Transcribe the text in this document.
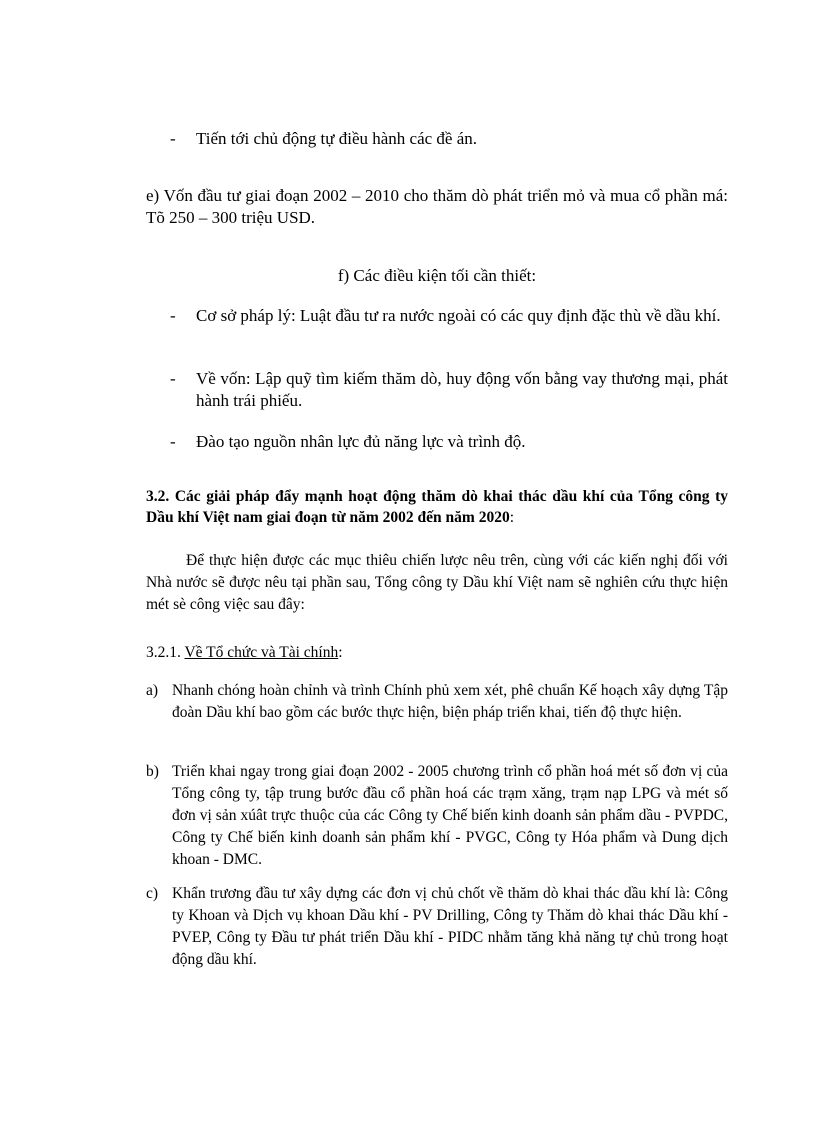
-	Tiến tới chủ động tự điều hành các đề án.
e) Vốn đầu tư giai đoạn 2002 – 2010 cho thăm dò phát triển mỏ và mua cổ phần má: Tõ 250 – 300 triệu USD.
f) Các điều kiện tối cần thiết:
-	Cơ sở pháp lý: Luật đầu tư ra nước ngoài có các quy định đặc thù về dầu khí.
-	Về vốn: Lập quỹ tìm kiếm thăm dò, huy động vốn bằng vay thương mại, phát hành trái phiếu.
-	Đào tạo nguồn nhân lực đủ năng lực và trình độ.
3.2. Các giải pháp đẩy mạnh hoạt động thăm dò khai thác dầu khí của Tổng công ty Dầu khí Việt nam giai đoạn từ năm 2002 đến năm 2020:
Để thực hiện được các mục thiêu chiến lược nêu trên, cùng với các kiến nghị đối với Nhà nước sẽ được nêu tại phần sau, Tổng công ty Dầu khí Việt nam sẽ nghiên cứu thực hiện mét sè công việc sau đây:
3.2.1. Về Tổ chức và Tài chính:
a) Nhanh chóng hoàn chỉnh và trình Chính phủ xem xét, phê chuẩn Kế hoạch xây dựng Tập đoàn Dầu khí bao gồm các bước thực hiện, biện pháp triển khai, tiến độ thực hiện.
b) Triển khai ngay trong giai đoạn 2002 - 2005 chương trình cổ phần hoá mét số đơn vị của Tổng công ty, tập trung bước đầu cổ phần hoá các trạm xăng, trạm nạp LPG và mét số đơn vị sản xúât trực thuộc của các Công ty Chế biến kinh doanh sản phẩm dầu - PVPDC, Công ty Chế biến kinh doanh sản phẩm khí - PVGC, Công ty Hóa phẩm và Dung dịch khoan - DMC.
c) Khẩn trương đầu tư xây dựng các đơn vị chủ chốt về thăm dò khai thác dầu khí là: Công ty Khoan và Dịch vụ khoan Dầu khí - PV Drilling, Công ty Thăm dò khai thác Dầu khí - PVEP, Công ty Đầu tư phát triển Dầu khí - PIDC nhằm tăng khả năng tự chủ trong hoạt động dầu khí.
